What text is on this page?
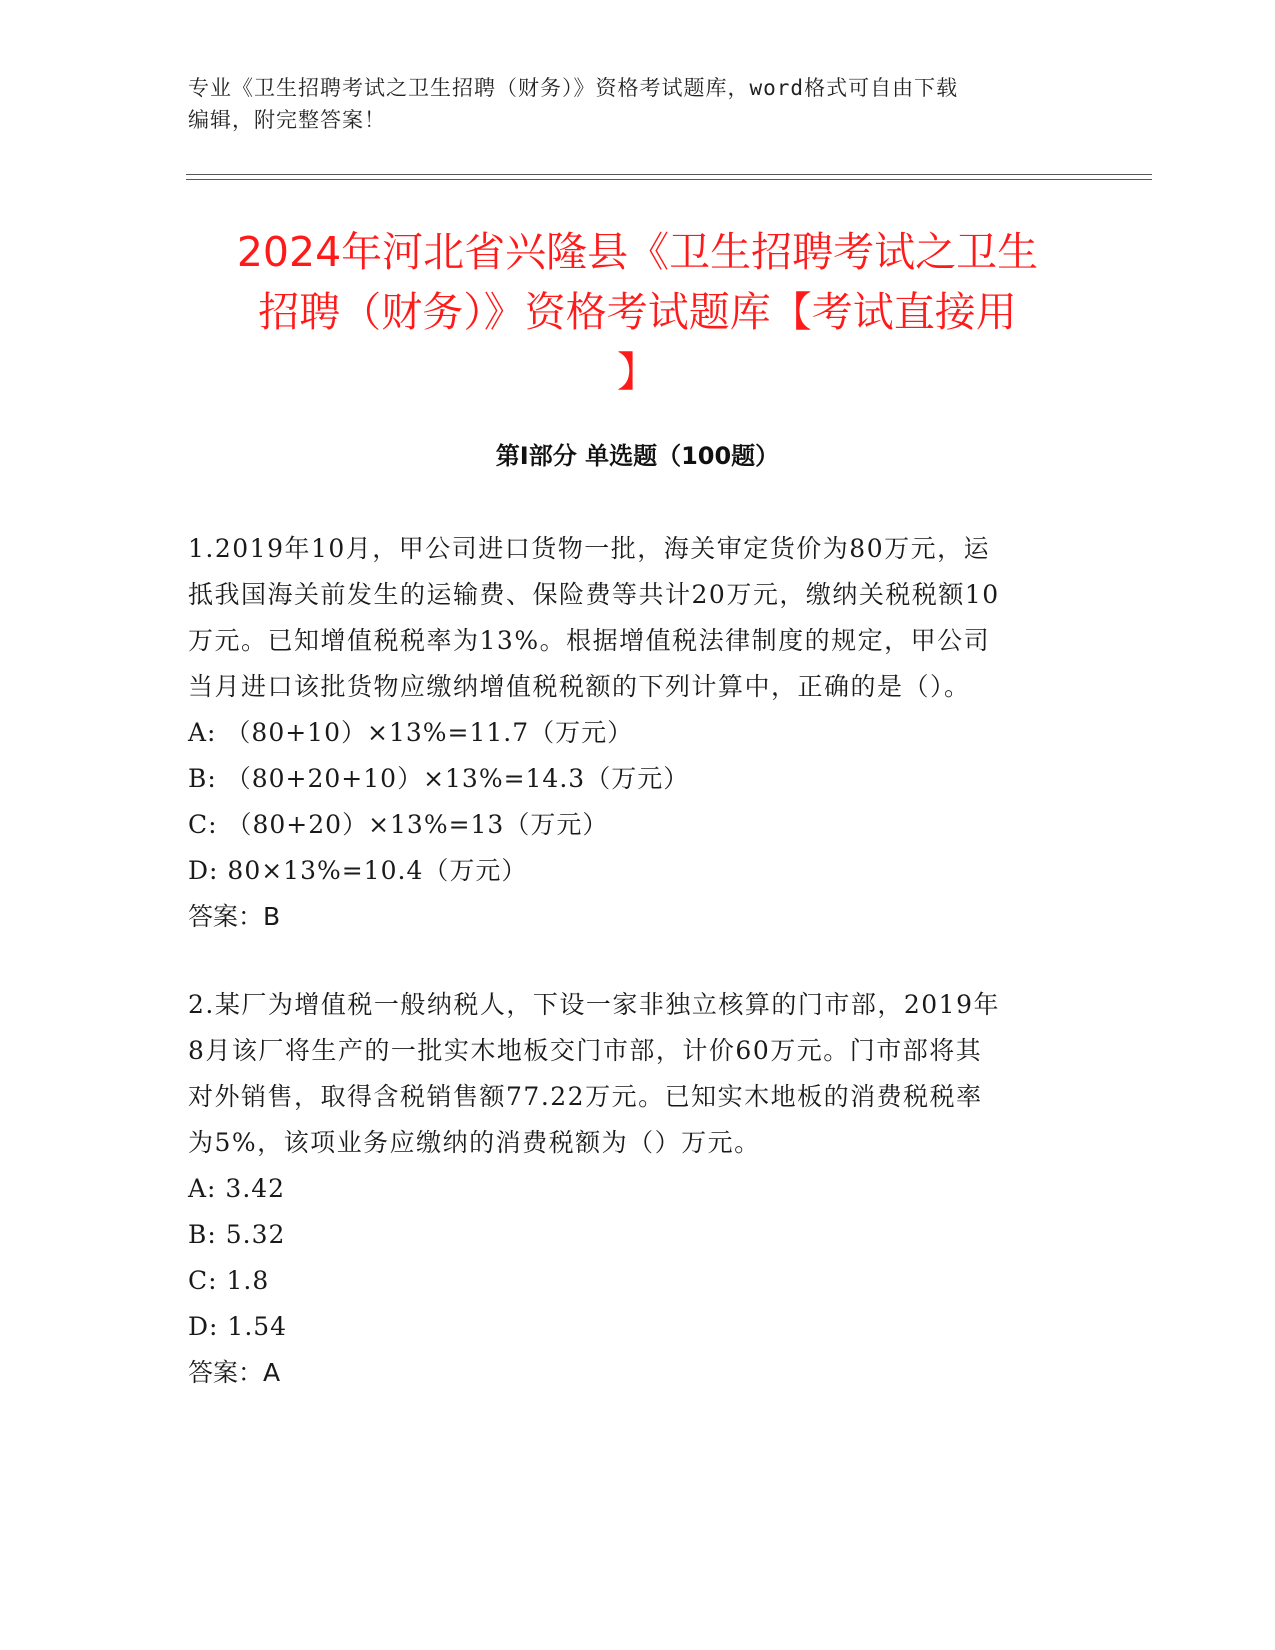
专业《卫生招聘考试之卫生招聘（财务）》资格考试题库，word格式可自由下载
编辑，附完整答案！
2024年河北省兴隆县《卫生招聘考试之卫生
招聘（财务）》资格考试题库【考试直接用
】
第I部分 单选题（100题）

1.2019年10月，甲公司进口货物一批，海关审定货价为80万元，运
抵我国海关前发生的运输费、保险费等共计20万元，缴纳关税税额10
万元。已知增值税税率为13%。根据增值税法律制度的规定，甲公司
当月进口该批货物应缴纳增值税税额的下列计算中，正确的是（）。

A: （80+10）×13%=11.7（万元）

B: （80+20+10）×13%=14.3（万元）

C: （80+20）×13%=13（万元）

D: 80×13%=10.4（万元）

答案：B

2.某厂为增值税一般纳税人，下设一家非独立核算的门市部，2019年
8月该厂将生产的一批实木地板交门市部，计价60万元。门市部将其
对外销售，取得含税销售额77.22万元。已知实木地板的消费税税率
为5%，该项业务应缴纳的消费税额为（）万元。

A: 3.42

B: 5.32

C: 1.8

D: 1.54

答案：A
